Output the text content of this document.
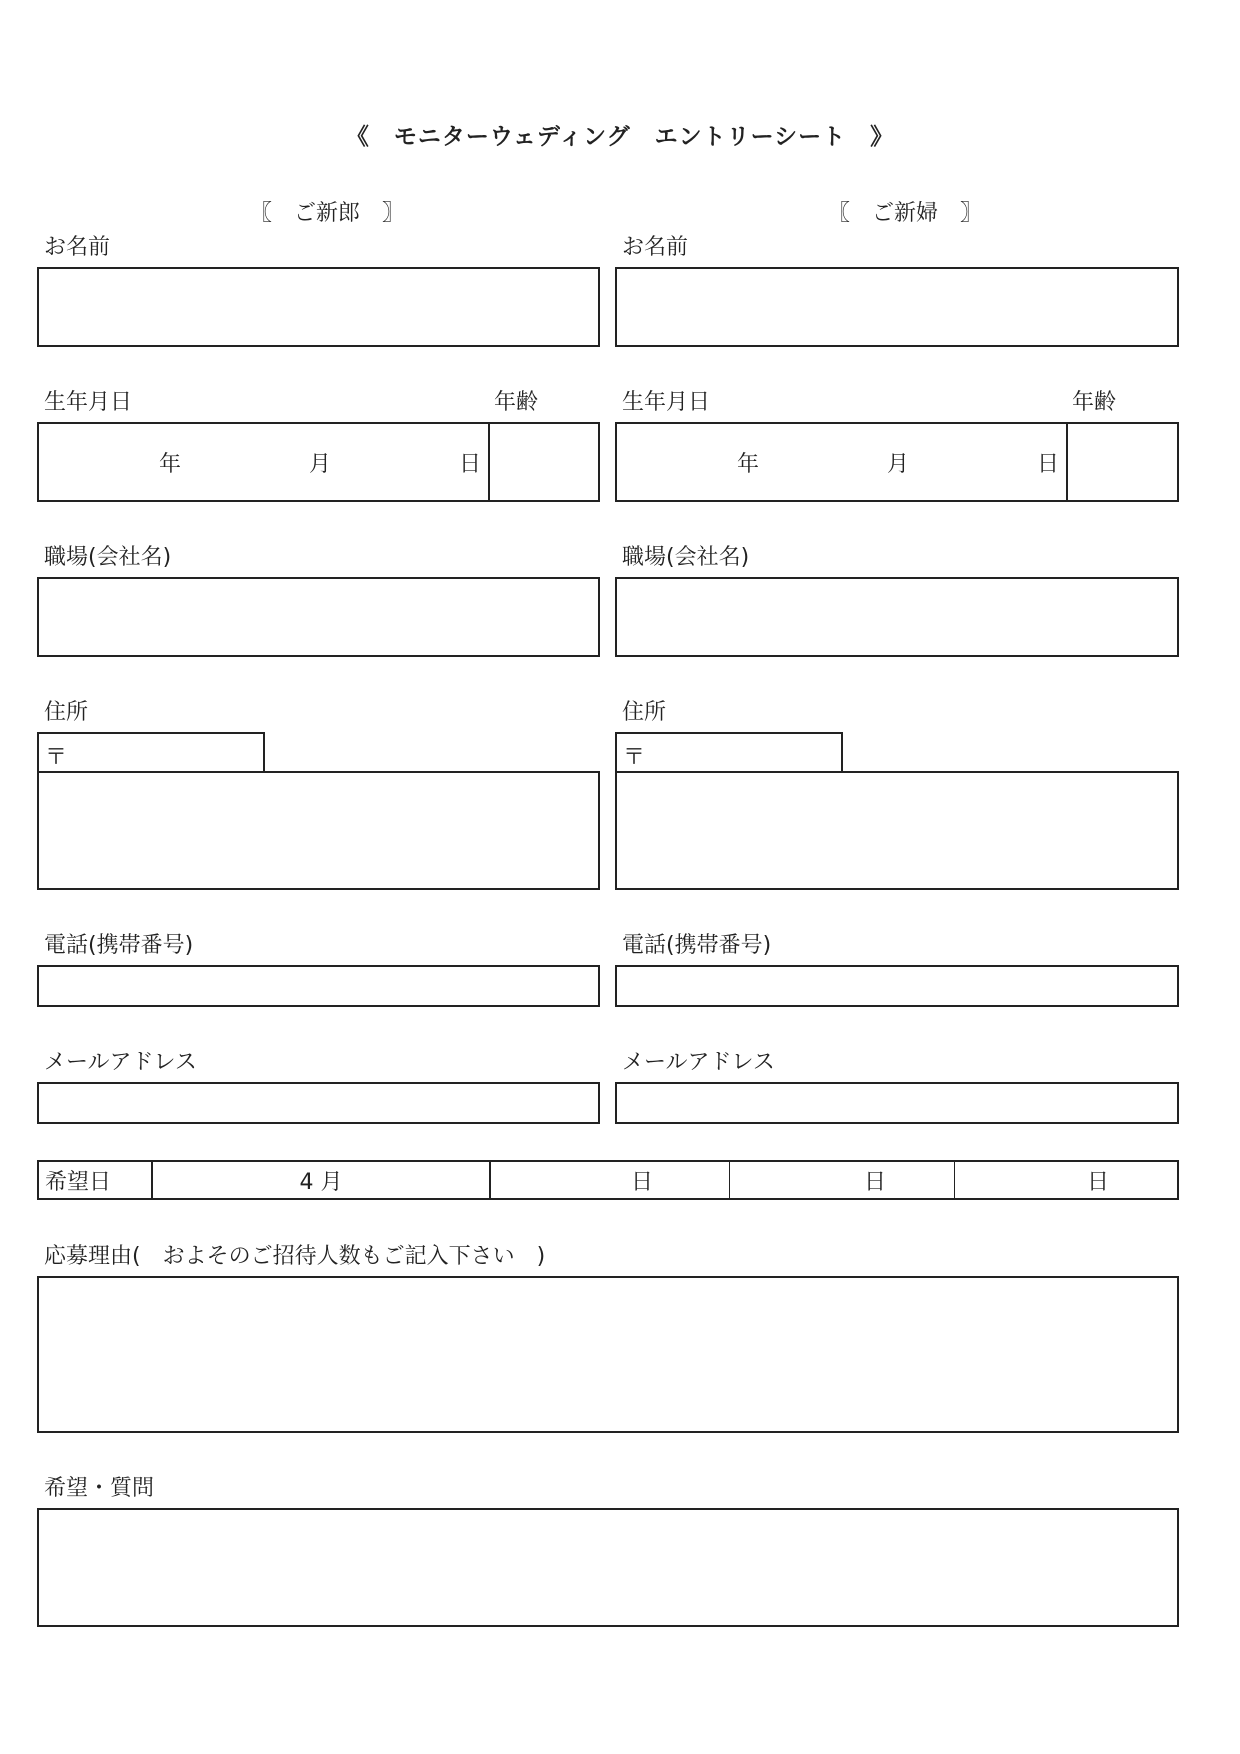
《　モニターウェディング　エントリーシート　》
〖　ご新郎　〗	〖　ご新婦　〗
お名前
生年月日	年齢
年	月	日
職場(会社名)
住所
〒
電話(携帯番号)
メールアドレス
お名前
生年月日	年齢
年	月	日
職場(会社名)
住所
〒
電話(携帯番号)
メールアドレス
希望日	4 月	日	日	日
応募理由(　およそのご招待人数もご記入下さい　)
希望・質問
